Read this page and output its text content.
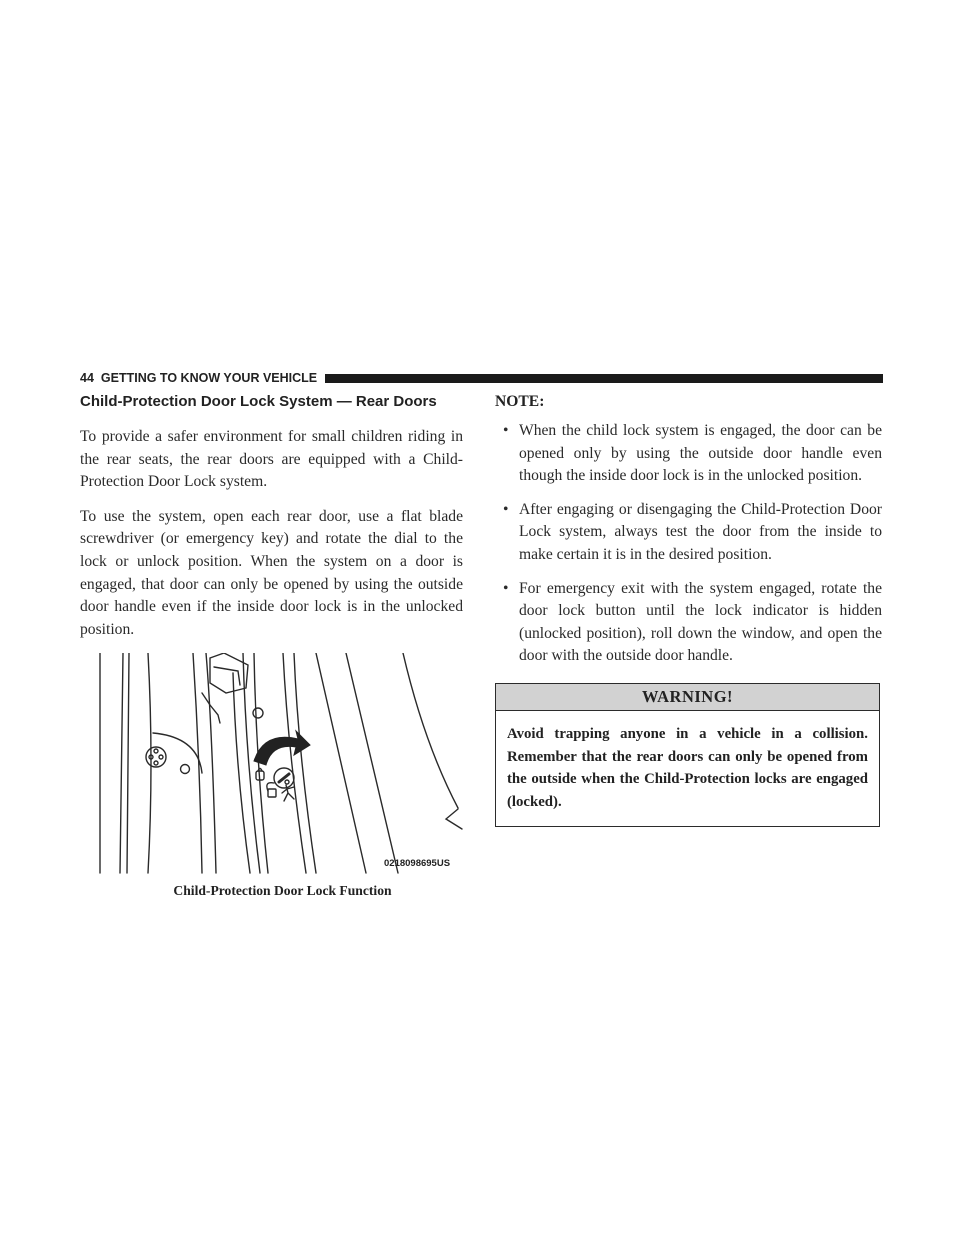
44 GETTING TO KNOW YOUR VEHICLE
Child-Protection Door Lock System — Rear Doors

To provide a safer environment for small children riding in the rear seats, the rear doors are equipped with a Child-Protection Door Lock system.

To use the system, open each rear door, use a flat blade screwdriver (or emergency key) and rotate the dial to the lock or unlock position. When the system on a door is engaged, that door can only be opened by using the outside door handle even if the inside door lock is in the unlocked position.

0218098695US
Child-Protection Door Lock Function
NOTE:
• When the child lock system is engaged, the door can be opened only by using the outside door handle even though the inside door lock is in the unlocked position.
• After engaging or disengaging the Child-Protection Door Lock system, always test the door from the inside to make certain it is in the desired position.
• For emergency exit with the system engaged, rotate the door lock button until the lock indicator is hidden (unlocked position), roll down the window, and open the door with the outside door handle.
WARNING!
Avoid trapping anyone in a vehicle in a collision. Remember that the rear doors can only be opened from the outside when the Child-Protection locks are engaged (locked).
